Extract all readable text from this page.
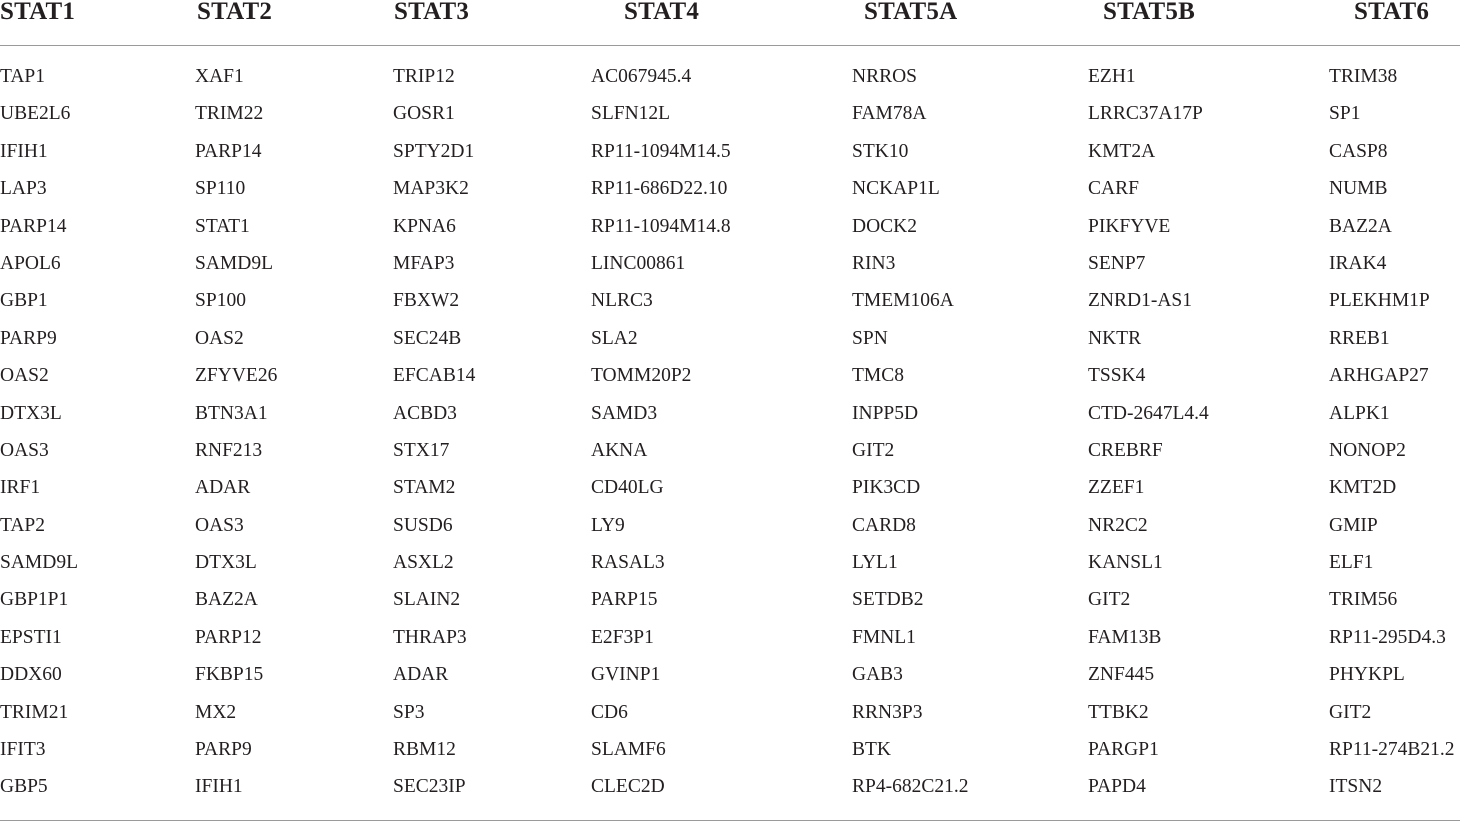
STAT1	STAT2	STAT3	STAT4	STAT5A	STAT5B	STAT6
TAP1	XAF1	TRIP12	AC067945.4	NRROS	EZH1	TRIM38
UBE2L6	TRIM22	GOSR1	SLFN12L	FAM78A	LRRC37A17P	SP1
IFIH1	PARP14	SPTY2D1	RP11-1094M14.5	STK10	KMT2A	CASP8
LAP3	SP110	MAP3K2	RP11-686D22.10	NCKAP1L	CARF	NUMB
PARP14	STAT1	KPNA6	RP11-1094M14.8	DOCK2	PIKFYVE	BAZ2A
APOL6	SAMD9L	MFAP3	LINC00861	RIN3	SENP7	IRAK4
GBP1	SP100	FBXW2	NLRC3	TMEM106A	ZNRD1-AS1	PLEKHM1P
PARP9	OAS2	SEC24B	SLA2	SPN	NKTR	RREB1
OAS2	ZFYVE26	EFCAB14	TOMM20P2	TMC8	TSSK4	ARHGAP27
DTX3L	BTN3A1	ACBD3	SAMD3	INPP5D	CTD-2647L4.4	ALPK1
OAS3	RNF213	STX17	AKNA	GIT2	CREBRF	NONOP2
IRF1	ADAR	STAM2	CD40LG	PIK3CD	ZZEF1	KMT2D
TAP2	OAS3	SUSD6	LY9	CARD8	NR2C2	GMIP
SAMD9L	DTX3L	ASXL2	RASAL3	LYL1	KANSL1	ELF1
GBP1P1	BAZ2A	SLAIN2	PARP15	SETDB2	GIT2	TRIM56
EPSTI1	PARP12	THRAP3	E2F3P1	FMNL1	FAM13B	RP11-295D4.3
DDX60	FKBP15	ADAR	GVINP1	GAB3	ZNF445	PHYKPL
TRIM21	MX2	SP3	CD6	RRN3P3	TTBK2	GIT2
IFIT3	PARP9	RBM12	SLAMF6	BTK	PARGP1	RP11-274B21.2
GBP5	IFIH1	SEC23IP	CLEC2D	RP4-682C21.2	PAPD4	ITSN2
